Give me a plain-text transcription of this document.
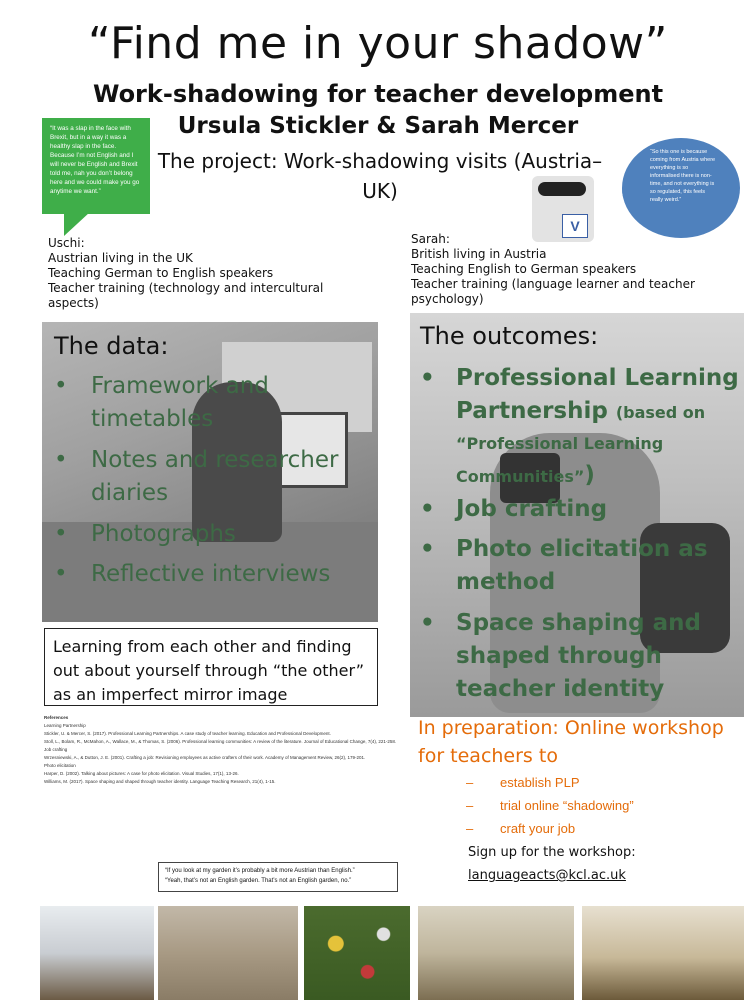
“Find me in your shadow”
Work-shadowing for teacher development
Ursula Stickler & Sarah Mercer
The project: Work-shadowing visits (Austria–UK)
“It was a slap in the face with Brexit, but in a way it was a healthy slap in the face. Because I’m not English and I will never be English and Brexit told me, nah you don’t belong here and we could make you go anytime we want.”
“So this one is because coming from Austria where everything is so informalised there is non-time, and not everything is so regulated, this feels really weird.”
V
Uschi:
Austrian living in the UK
Teaching German to English speakers
Teacher training (technology and intercultural aspects)
Sarah:
British living in Austria
Teaching English to German speakers
Teacher training (language learner and teacher psychology)
The data:
• Framework and timetables
• Notes and researcher diaries
• Photographs
• Reflective interviews
Learning from each other and finding out about yourself through “the other” as an imperfect mirror image
References
Learning Partnership
Stickler, U. & Mercer, S. (2017). Professional Learning Partnerships. A case study of teacher learning. Education and Professional Development.
Stoll, L., Bolam, R., McMahon, A., Wallace, M., & Thomas, S. (2006). Professional learning communities: A review of the literature. Journal of Educational Change, 7(4), 221-258.
Job crafting
Wrzesniewski, A., & Dutton, J. E. (2001). Crafting a job: Revisioning employees as active crafters of their work. Academy of Management Review, 26(2), 179-201.
Photo elicitation
Harper, D. (2002). Talking about pictures: A case for photo elicitation. Visual Studies, 17(1), 13-26.
Williams, M. (2017). Space shaping and shaped through teacher identity. Language Teaching Research, 21(4), 1-15.
The outcomes:
• Professional Learning
Partnership (based on
“Professional Learning
Communities”)
• Job crafting
• Photo elicitation as method
• Space shaping and shaped through teacher identity
In preparation: Online workshop for teachers to
– establish PLP
– trial online “shadowing”
– craft your job
Sign up for the workshop:
languageacts@kcl.ac.uk
“If you look at my garden it’s probably a bit more Austrian than English.”
“Yeah, that’s not an English garden. That’s not an English garden, no.”
